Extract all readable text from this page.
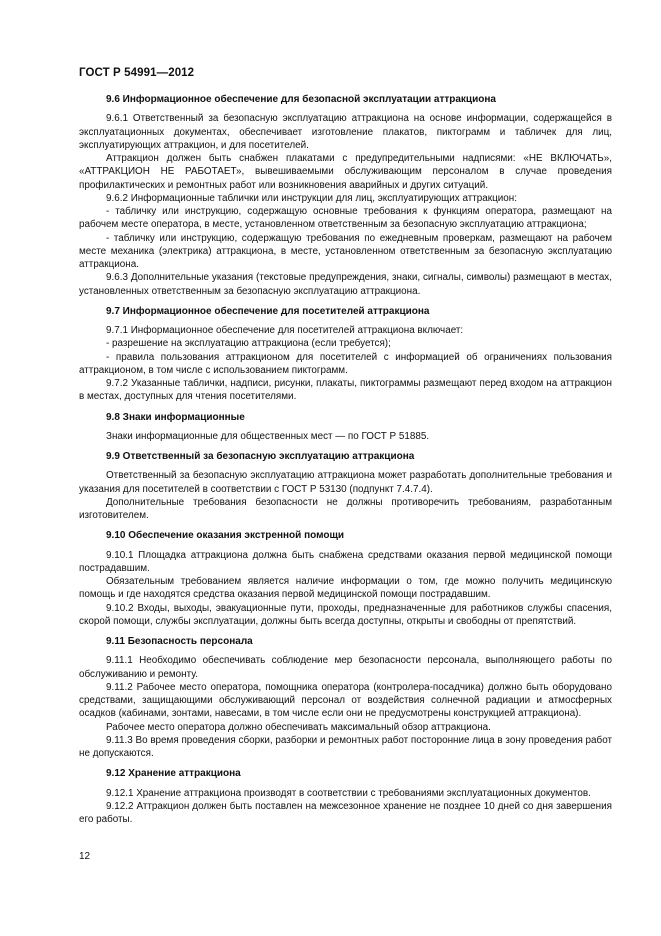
ГОСТ Р 54991—2012

9.6 Информационное обеспечение для безопасной эксплуатации аттракциона

9.6.1 Ответственный за безопасную эксплуатацию аттракциона на основе информации, содержащейся в эксплуатационных документах, обеспечивает изготовление плакатов, пиктограмм и табличек для лиц, эксплуатирующих аттракцион, и для посетителей.

Аттракцион должен быть снабжен плакатами с предупредительными надписями: «НЕ ВКЛЮЧАТЬ», «АТТРАКЦИОН НЕ РАБОТАЕТ», вывешиваемыми обслуживающим персоналом в случае проведения профилактических и ремонтных работ или возникновения аварийных и других ситуаций.

9.6.2 Информационные таблички или инструкции для лиц, эксплуатирующих аттракцион:

- табличку или инструкцию, содержащую основные требования к функциям оператора, размещают на рабочем месте оператора, в месте, установленном ответственным за безопасную эксплуатацию аттракциона;

- табличку или инструкцию, содержащую требования по ежедневным проверкам, размещают на рабочем месте механика (электрика) аттракциона, в месте, установленном ответственным за безопасную эксплуатацию аттракциона.

9.6.3 Дополнительные указания (текстовые предупреждения, знаки, сигналы, символы) размещают в местах, установленных ответственным за безопасную эксплуатацию аттракциона.

9.7 Информационное обеспечение для посетителей аттракциона

9.7.1 Информационное обеспечение для посетителей аттракциона включает:

- разрешение на эксплуатацию аттракциона (если требуется);

- правила пользования аттракционом для посетителей с информацией об ограничениях пользования аттракционом, в том числе с использованием пиктограмм.

9.7.2 Указанные таблички, надписи, рисунки, плакаты, пиктограммы размещают перед входом на аттракцион в местах, доступных для чтения посетителями.

9.8 Знаки информационные

Знаки информационные для общественных мест — по ГОСТ Р 51885.

9.9 Ответственный за безопасную эксплуатацию аттракциона

Ответственный за безопасную эксплуатацию аттракциона может разработать дополнительные требования и указания для посетителей в соответствии с ГОСТ Р 53130 (подпункт 7.4.7.4).

Дополнительные требования безопасности не должны противоречить требованиям, разработанным изготовителем.

9.10 Обеспечение оказания экстренной помощи

9.10.1 Площадка аттракциона должна быть снабжена средствами оказания первой медицинской помощи пострадавшим.

Обязательным требованием является наличие информации о том, где можно получить медицинскую помощь и где находятся средства оказания первой медицинской помощи пострадавшим.

9.10.2 Входы, выходы, эвакуационные пути, проходы, предназначенные для работников службы спасения, скорой помощи, службы эксплуатации, должны быть всегда доступны, открыты и свободны от препятствий.

9.11 Безопасность персонала

9.11.1 Необходимо обеспечивать соблюдение мер безопасности персонала, выполняющего работы по обслуживанию и ремонту.

9.11.2 Рабочее место оператора, помощника оператора (контролера-посадчика) должно быть оборудовано средствами, защищающими обслуживающий персонал от воздействия солнечной радиации и атмосферных осадков (кабинами, зонтами, навесами, в том числе если они не предусмотрены конструкцией аттракциона).

Рабочее место оператора должно обеспечивать максимальный обзор аттракциона.

9.11.3 Во время проведения сборки, разборки и ремонтных работ посторонние лица в зону проведения работ не допускаются.

9.12 Хранение аттракциона

9.12.1 Хранение аттракциона производят в соответствии с требованиями эксплуатационных документов.

9.12.2 Аттракцион должен быть поставлен на межсезонное хранение не позднее 10 дней со дня завершения его работы.

12
